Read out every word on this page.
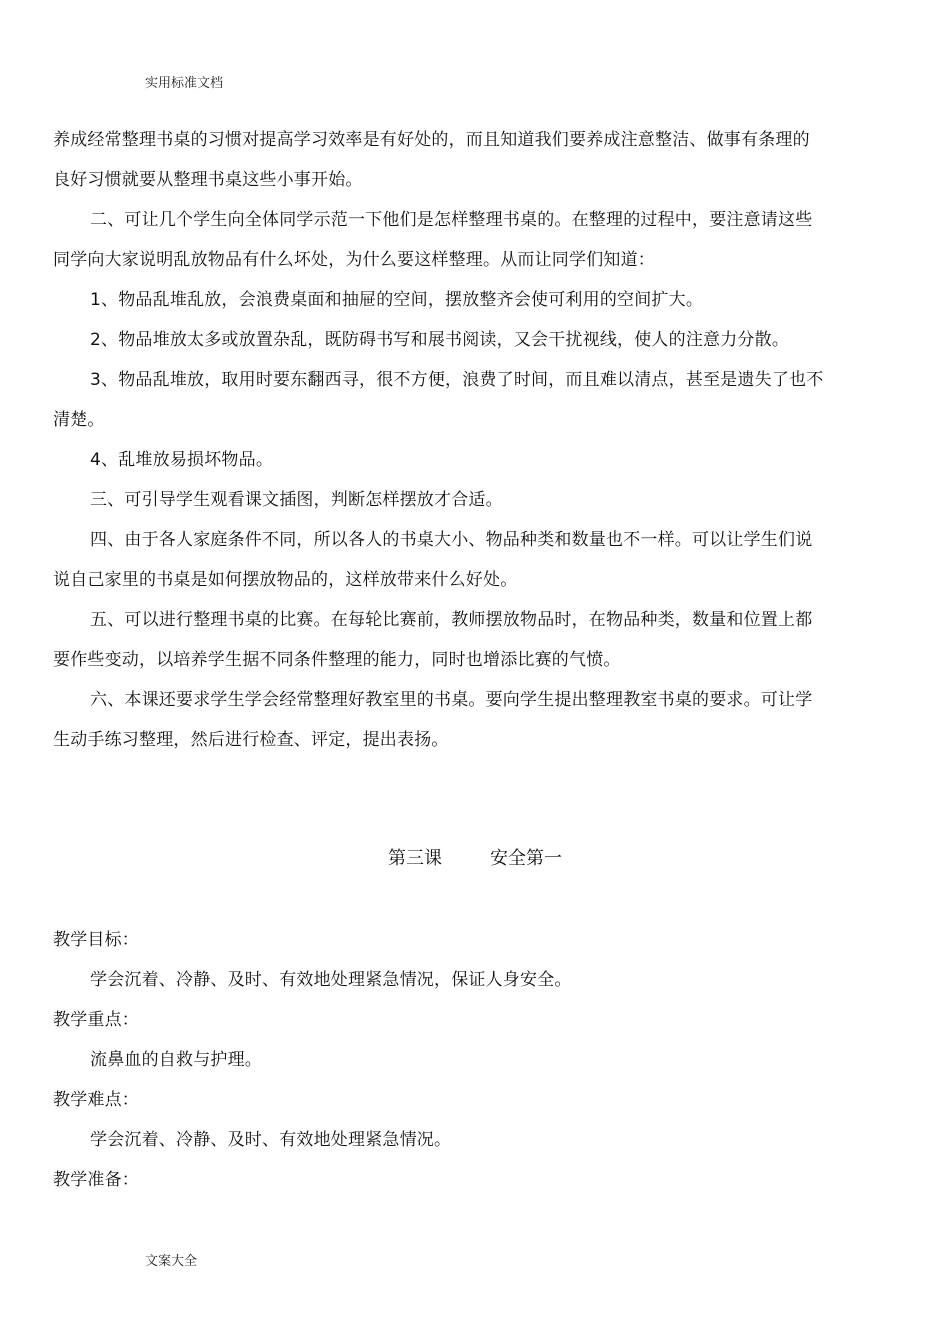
实用标准文档
养成经常整理书桌的习惯对提高学习效率是有好处的，而且知道我们要养成注意整洁、做事有条理的
良好习惯就要从整理书桌这些小事开始。
二、可让几个学生向全体同学示范一下他们是怎样整理书桌的。在整理的过程中，要注意请这些
同学向大家说明乱放物品有什么坏处，为什么要这样整理。从而让同学们知道：
1、物品乱堆乱放，会浪费桌面和抽屉的空间，摆放整齐会使可利用的空间扩大。
2、物品堆放太多或放置杂乱，既防碍书写和展书阅读，又会干扰视线，使人的注意力分散。
3、物品乱堆放，取用时要东翻西寻，很不方便，浪费了时间，而且难以清点，甚至是遗失了也不
清楚。
4、乱堆放易损坏物品。
三、可引导学生观看课文插图，判断怎样摆放才合适。
四、由于各人家庭条件不同，所以各人的书桌大小、物品种类和数量也不一样。可以让学生们说
说自己家里的书桌是如何摆放物品的，这样放带来什么好处。
五、可以进行整理书桌的比赛。在每轮比赛前，教师摆放物品时，在物品种类，数量和位置上都
要作些变动，以培养学生据不同条件整理的能力，同时也增添比赛的气愤。
六、本课还要求学生学会经常整理好教室里的书桌。要向学生提出整理教室书桌的要求。可让学
生动手练习整理，然后进行检查、评定，提出表扬。
第三课	安全第一
教学目标：
学会沉着、冷静、及时、有效地处理紧急情况，保证人身安全。
教学重点：
流鼻血的自救与护理。
教学难点：
学会沉着、冷静、及时、有效地处理紧急情况。
教学准备：
文案大全
